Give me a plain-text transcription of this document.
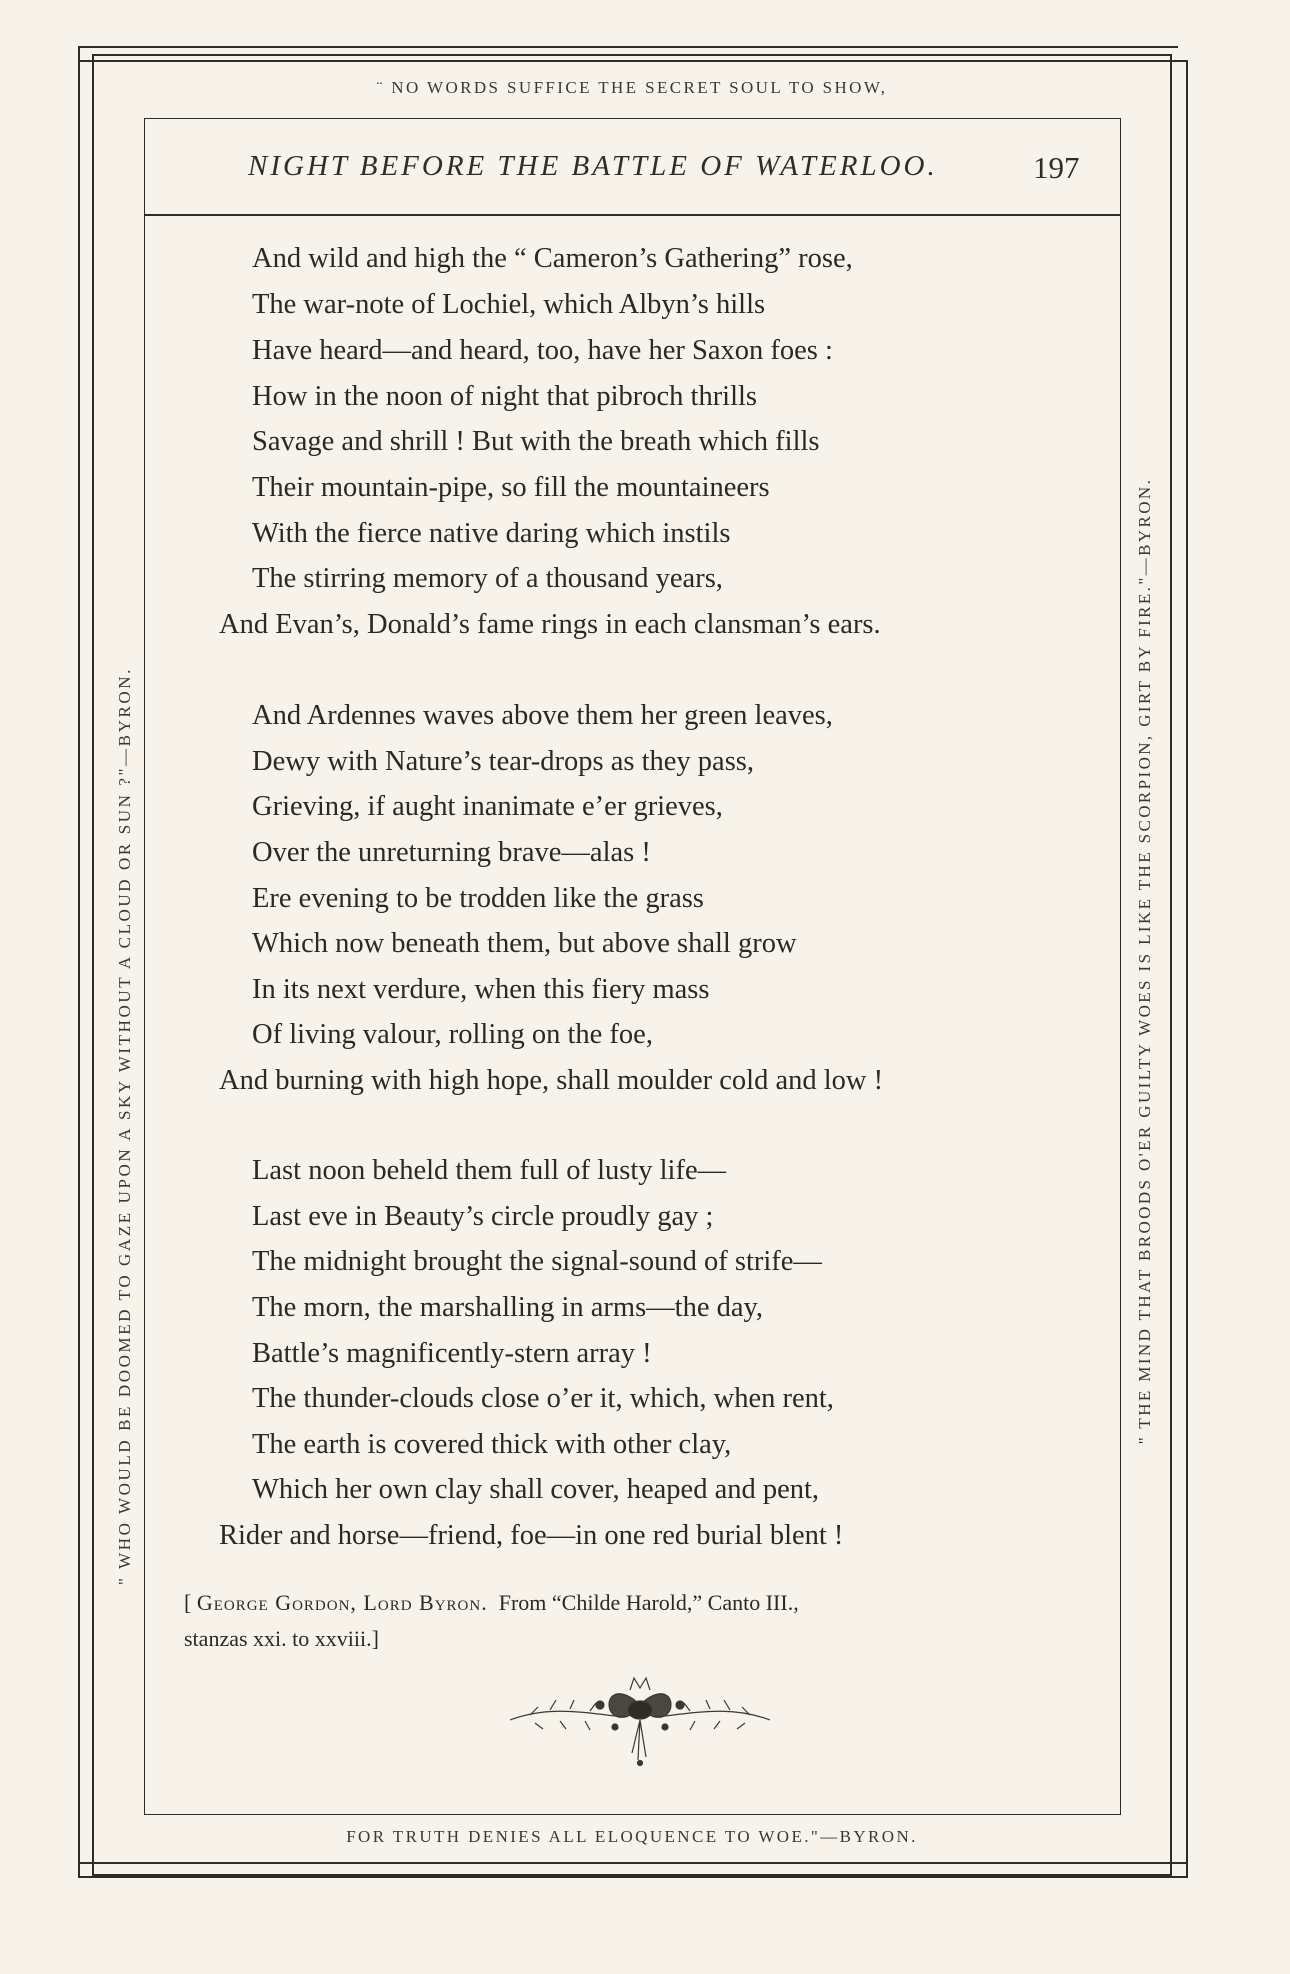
¨ NO WORDS SUFFICE THE SECRET SOUL TO SHOW,
FOR TRUTH DENIES ALL ELOQUENCE TO WOE."—BYRON.
" WHO WOULD BE DOOMED TO GAZE UPON A SKY WITHOUT A CLOUD OR SUN ?"—BYRON.	" THE MIND THAT BROODS O'ER GUILTY WOES IS LIKE THE SCORPION, GIRT BY FIRE."—BYRON.
NIGHT BEFORE THE BATTLE OF WATERLOO.	197
And wild and high the “ Cameron’s Gathering” rose,
The war-note of Lochiel, which Albyn’s hills
Have heard—and heard, too, have her Saxon foes :
How in the noon of night that pibroch thrills
Savage and shrill ! But with the breath which fills
Their mountain-pipe, so fill the mountaineers
With the fierce native daring which instils
The stirring memory of a thousand years,
And Evan’s, Donald’s fame rings in each clansman’s ears.
And Ardennes waves above them her green leaves,
Dewy with Nature’s tear-drops as they pass,
Grieving, if aught inanimate e’er grieves,
Over the unreturning brave—alas !
Ere evening to be trodden like the grass
Which now beneath them, but above shall grow
In its next verdure, when this fiery mass
Of living valour, rolling on the foe,
And burning with high hope, shall moulder cold and low !
Last noon beheld them full of lusty life—
Last eve in Beauty’s circle proudly gay ;
The midnight brought the signal-sound of strife—
The morn, the marshalling in arms—the day,
Battle’s magnificently-stern array !
The thunder-clouds close o’er it, which, when rent,
The earth is covered thick with other clay,
Which her own clay shall cover, heaped and pent,
Rider and horse—friend, foe—in one red burial blent !
[ George Gordon, Lord Byron. From “Childe Harold,” Canto III.,
stanzas xxi. to xxviii.]
